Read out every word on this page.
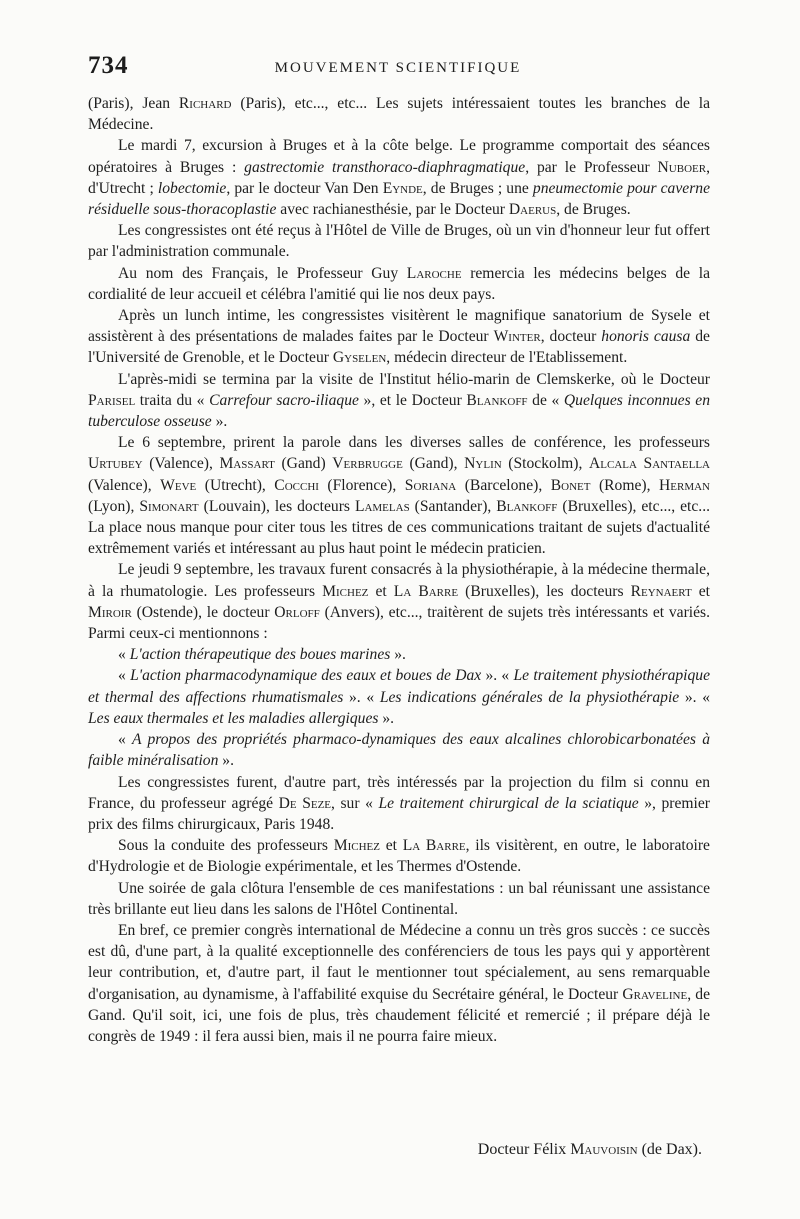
734	MOUVEMENT SCIENTIFIQUE

(Paris), Jean Richard (Paris), etc..., etc... Les sujets intéressaient toutes les branches de la Médecine.

Le mardi 7, excursion à Bruges et à la côte belge. Le programme comportait des séances opératoires à Bruges : gastrectomie transthoraco-diaphragmatique, par le Professeur Nuboer, d'Utrecht ; lobectomie, par le docteur Van Den Eynde, de Bruges ; une pneumectomie pour caverne résiduelle sous-thoracoplastie avec rachianesthésie, par le Docteur Daerus, de Bruges.

Les congressistes ont été reçus à l'Hôtel de Ville de Bruges, où un vin d'honneur leur fut offert par l'administration communale.

Au nom des Français, le Professeur Guy Laroche remercia les médecins belges de la cordialité de leur accueil et célébra l'amitié qui lie nos deux pays.

Après un lunch intime, les congressistes visitèrent le magnifique sanatorium de Sysele et assistèrent à des présentations de malades faites par le Docteur Winter, docteur honoris causa de l'Université de Grenoble, et le Docteur Gyselen, médecin directeur de l'Etablissement.

L'après-midi se termina par la visite de l'Institut hélio-marin de Clemskerke, où le Docteur Parisel traita du « Carrefour sacro-iliaque », et le Docteur Blankoff de « Quelques inconnues en tuberculose osseuse ».

Le 6 septembre, prirent la parole dans les diverses salles de conférence, les professeurs Urtubey (Valence), Massart (Gand) Verbrugge (Gand), Nylin (Stockolm), Alcala Santaella (Valence), Weve (Utrecht), Cocchi (Florence), Soriana (Barcelone), Bonet (Rome), Herman (Lyon), Simonart (Louvain), les docteurs Lamelas (Santander), Blankoff (Bruxelles), etc..., etc... La place nous manque pour citer tous les titres de ces communications traitant de sujets d'actualité extrêmement variés et intéressant au plus haut point le médecin praticien.

Le jeudi 9 septembre, les travaux furent consacrés à la physiothérapie, à la médecine thermale, à la rhumatologie. Les professeurs Michez et La Barre (Bruxelles), les docteurs Reynaert et Miroir (Ostende), le docteur Orloff (Anvers), etc..., traitèrent de sujets très intéressants et variés. Parmi ceux-ci mentionnons :

« L'action thérapeutique des boues marines ».

« L'action pharmacodynamique des eaux et boues de Dax ». « Le traitement physiothérapique et thermal des affections rhumatismales ». « Les indications générales de la physiothérapie ». « Les eaux thermales et les maladies allergiques ».

« A propos des propriétés pharmaco-dynamiques des eaux alcalines chlorobicarbonatées à faible minéralisation ».

Les congressistes furent, d'autre part, très intéressés par la projection du film si connu en France, du professeur agrégé De Seze, sur « Le traitement chirurgical de la sciatique », premier prix des films chirurgicaux, Paris 1948.

Sous la conduite des professeurs Michez et La Barre, ils visitèrent, en outre, le laboratoire d'Hydrologie et de Biologie expérimentale, et les Thermes d'Ostende.

Une soirée de gala clôtura l'ensemble de ces manifestations : un bal réunissant une assistance très brillante eut lieu dans les salons de l'Hôtel Continental.

En bref, ce premier congrès international de Médecine a connu un très gros succès : ce succès est dû, d'une part, à la qualité exceptionnelle des conférenciers de tous les pays qui y apportèrent leur contribution, et, d'autre part, il faut le mentionner tout spécialement, au sens remarquable d'organisation, au dynamisme, à l'affabilité exquise du Secrétaire général, le Docteur Graveline, de Gand. Qu'il soit, ici, une fois de plus, très chaudement félicité et remercié ; il prépare déjà le congrès de 1949 : il fera aussi bien, mais il ne pourra faire mieux.

Docteur Félix Mauvoisin (de Dax).
